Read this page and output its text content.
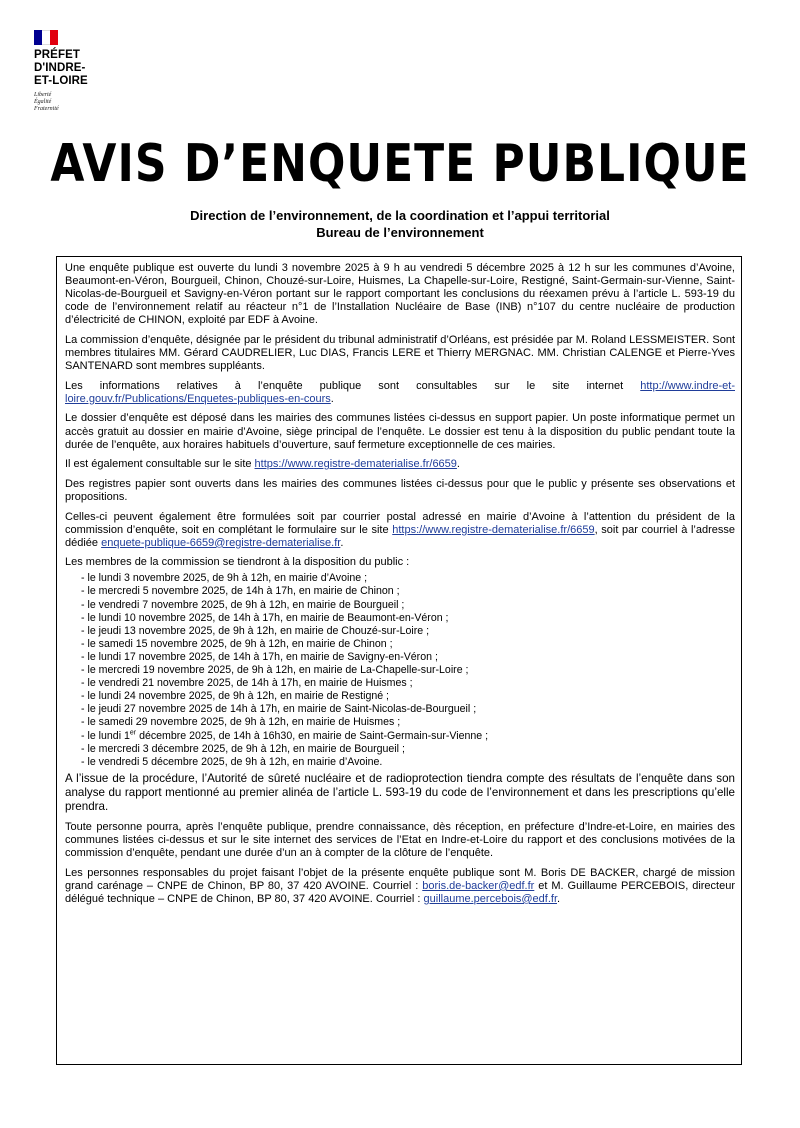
PRÉFET
D'INDRE-
ET-LOIRE
Liberté
Égalité
Fraternité
AVIS D’ENQUETE PUBLIQUE
Direction de l’environnement, de la coordination et l’appui territorial
Bureau de l’environnement

Une enquête publique est ouverte du lundi 3 novembre 2025 à 9 h au vendredi 5 décembre 2025 à 12 h sur les communes d’Avoine, Beaumont-en-Véron, Bourgueil, Chinon, Chouzé-sur-Loire, Huismes, La Chapelle-sur-Loire, Restigné, Saint-Germain-sur-Vienne, Saint-Nicolas-de-Bourgueil et Savigny-en-Véron portant sur le rapport comportant les conclusions du réexamen prévu à l’article L. 593-19 du code de l’environnement relatif au réacteur n°1 de l’Installation Nucléaire de Base (INB) n°107 du centre nucléaire de production d’électricité de CHINON, exploité par EDF à Avoine.

La commission d’enquête, désignée par le président du tribunal administratif d’Orléans, est présidée par M. Roland LESSMEISTER. Sont membres titulaires MM. Gérard CAUDRELIER, Luc DIAS, Francis LERE et Thierry MERGNAC. MM. Christian CALENGE et Pierre-Yves SANTENARD sont membres suppléants.

Les informations relatives à l’enquête publique sont consultables sur le site internet http://www.indre-et-loire.gouv.fr/Publications/Enquetes-publiques-en-cours.

Le dossier d’enquête est déposé dans les mairies des communes listées ci-dessus en support papier. Un poste informatique permet un accès gratuit au dossier en mairie d’Avoine, siège principal de l’enquête. Le dossier est tenu à la disposition du public pendant toute la durée de l’enquête, aux horaires habituels d’ouverture, sauf fermeture exceptionnelle de ces mairies.

Il est également consultable sur le site https://www.registre-dematerialise.fr/6659.

Des registres papier sont ouverts dans les mairies des communes listées ci-dessus pour que le public y présente ses observations et propositions.

Celles-ci peuvent également être formulées soit par courrier postal adressé en mairie d’Avoine à l’attention du président de la commission d’enquête, soit en complétant le formulaire sur le site https://www.registre-dematerialise.fr/6659, soit par courriel à l’adresse dédiée enquete-publique-6659@registre-dematerialise.fr.

Les membres de la commission se tiendront à la disposition du public :

- le lundi 3 novembre 2025, de 9h à 12h, en mairie d’Avoine ;
- le mercredi 5 novembre 2025, de 14h à 17h, en mairie de Chinon ;
- le vendredi 7 novembre 2025, de 9h à 12h, en mairie de Bourgueil ;
- le lundi 10 novembre 2025, de 14h à 17h, en mairie de Beaumont-en-Véron ;
- le jeudi 13 novembre 2025, de 9h à 12h, en mairie de Chouzé-sur-Loire ;
- le samedi 15 novembre 2025, de 9h à 12h, en mairie de Chinon ;
- le lundi 17 novembre 2025, de 14h à 17h, en mairie de Savigny-en-Véron ;
- le mercredi 19 novembre 2025, de 9h à 12h, en mairie de La-Chapelle-sur-Loire ;
- le vendredi 21 novembre 2025, de 14h à 17h, en mairie de Huismes ;
- le lundi 24 novembre 2025, de 9h à 12h, en mairie de Restigné ;
- le jeudi 27 novembre 2025 de 14h à 17h, en mairie de Saint-Nicolas-de-Bourgueil ;
- le samedi 29 novembre 2025, de 9h à 12h, en mairie de Huismes ;
- le lundi 1er décembre 2025, de 14h à 16h30, en mairie de Saint-Germain-sur-Vienne ;
- le mercredi 3 décembre 2025, de 9h à 12h, en mairie de Bourgueil ;
- le vendredi 5 décembre 2025, de 9h à 12h, en mairie d’Avoine.

A l’issue de la procédure, l’Autorité de sûreté nucléaire et de radioprotection tiendra compte des résultats de l’enquête dans son analyse du rapport mentionné au premier alinéa de l’article L. 593-19 du code de l’environnement et dans les prescriptions qu’elle prendra.

Toute personne pourra, après l’enquête publique, prendre connaissance, dès réception, en préfecture d’Indre-et-Loire, en mairies des communes listées ci-dessus et sur le site internet des services de l’Etat en Indre-et-Loire du rapport et des conclusions motivées de la commission d’enquête, pendant une durée d’un an à compter de la clôture de l’enquête.

Les personnes responsables du projet faisant l’objet de la présente enquête publique sont M. Boris DE BACKER, chargé de mission grand carénage – CNPE de Chinon, BP 80, 37 420 AVOINE. Courriel : boris.de-backer@edf.fr et M. Guillaume PERCEBOIS, directeur délégué technique – CNPE de Chinon, BP 80, 37 420 AVOINE. Courriel : guillaume.percebois@edf.fr.
